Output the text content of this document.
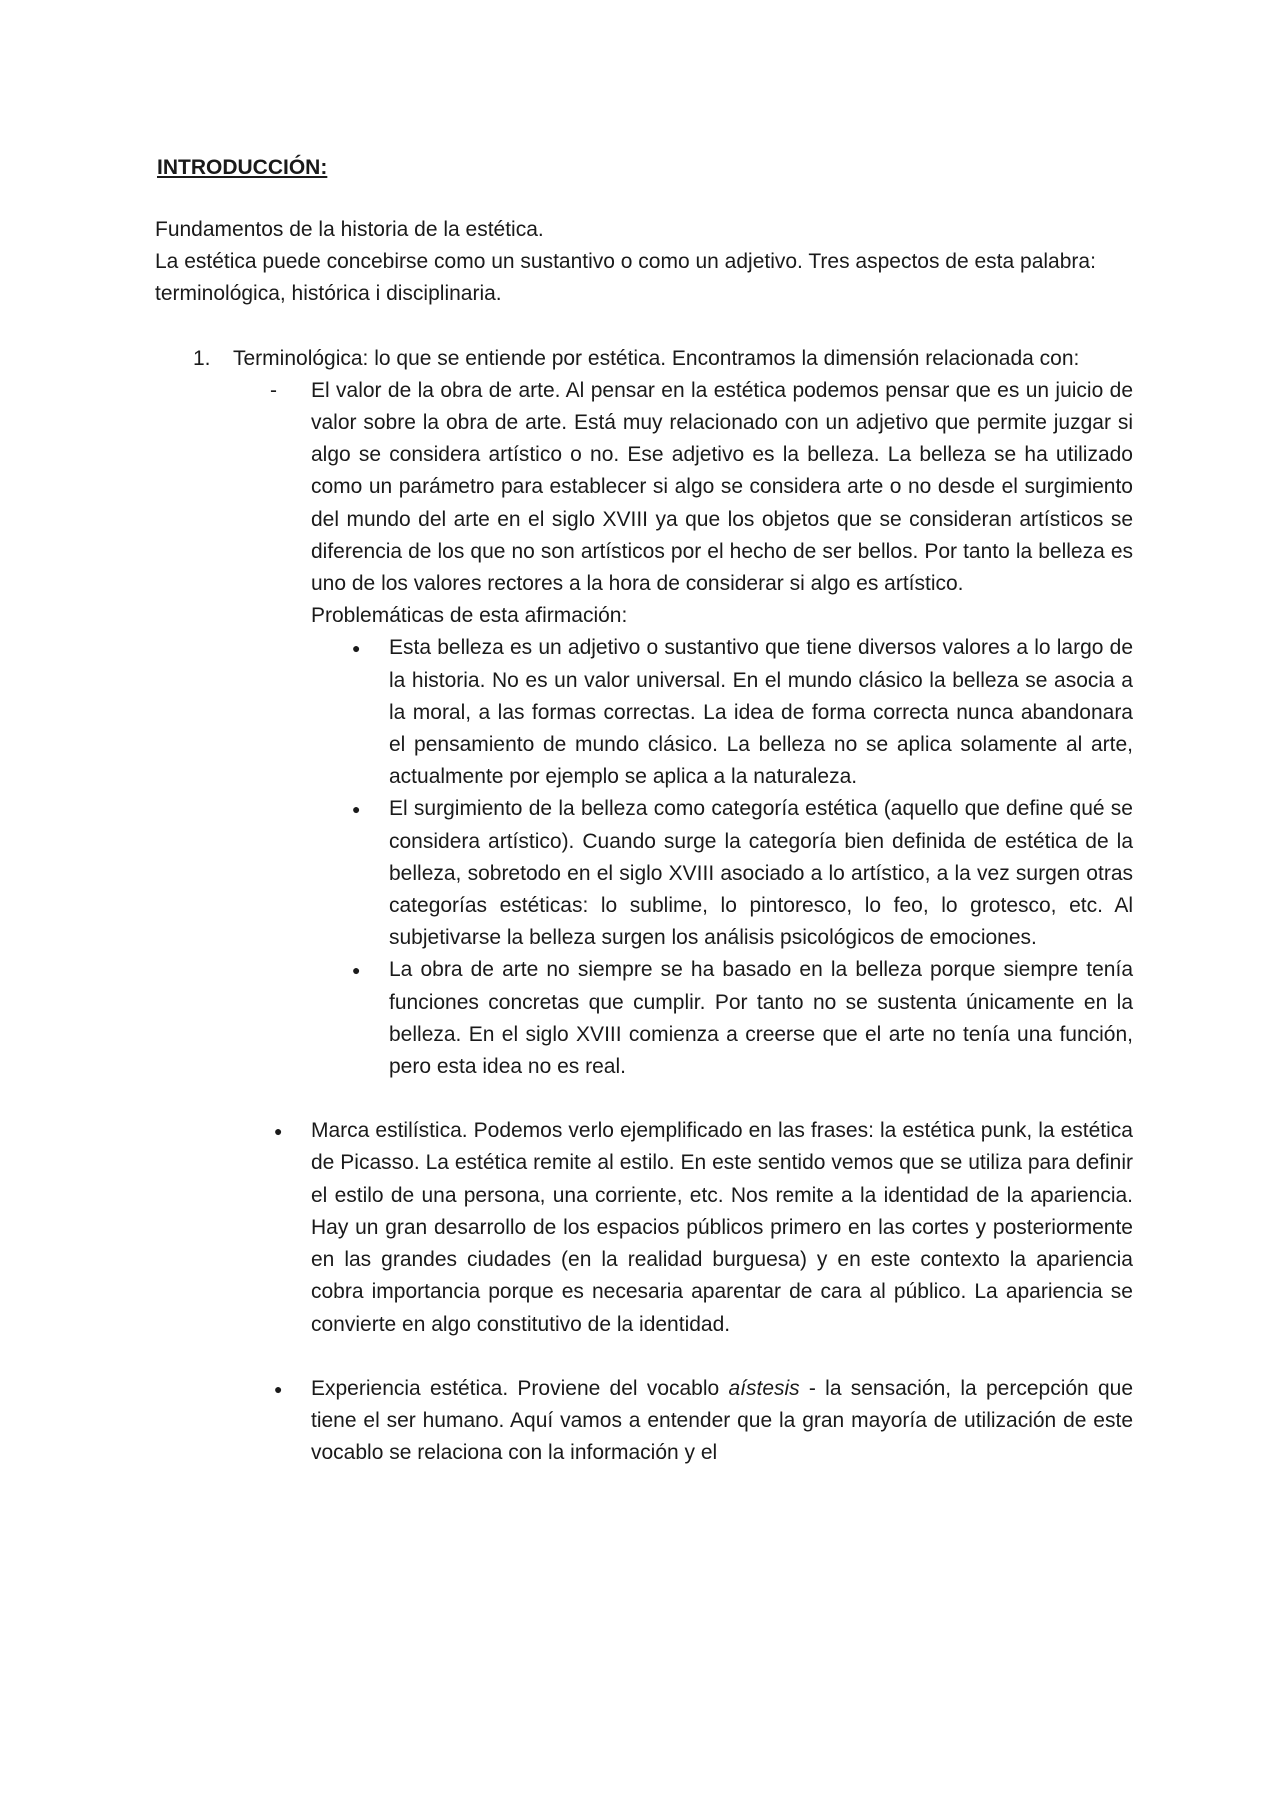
INTRODUCCIÓN:

Fundamentos de la historia de la estética.

La estética puede concebirse como un sustantivo o como un adjetivo. Tres aspectos de esta palabra: terminológica, histórica i disciplinaria.

1. Terminológica: lo que se entiende por estética. Encontramos la dimensión relacionada con:
- El valor de la obra de arte. Al pensar en la estética podemos pensar que es un juicio de valor sobre la obra de arte. Está muy relacionado con un adjetivo que permite juzgar si algo se considera artístico o no. Ese adjetivo es la belleza. La belleza se ha utilizado como un parámetro para establecer si algo se considera arte o no desde el surgimiento del mundo del arte en el siglo XVIII ya que los objetos que se consideran artísticos se diferencia de los que no son artísticos por el hecho de ser bellos. Por tanto la belleza es uno de los valores rectores a la hora de considerar si algo es artístico.

Problemáticas de esta afirmación:

● Esta belleza es un adjetivo o sustantivo que tiene diversos valores a lo largo de la historia. No es un valor universal. En el mundo clásico la belleza se asocia a la moral, a las formas correctas. La idea de forma correcta nunca abandonara el pensamiento de mundo clásico. La belleza no se aplica solamente al arte, actualmente por ejemplo se aplica a la naturaleza.
● El surgimiento de la belleza como categoría estética (aquello que define qué se considera artístico). Cuando surge la categoría bien definida de estética de la belleza, sobretodo en el siglo XVIII asociado a lo artístico, a la vez surgen otras categorías estéticas: lo sublime, lo pintoresco, lo feo, lo grotesco, etc. Al subjetivarse la belleza surgen los análisis psicológicos de emociones.
● La obra de arte no siempre se ha basado en la belleza porque siempre tenía funciones concretas que cumplir. Por tanto no se sustenta únicamente en la belleza. En el siglo XVIII comienza a creerse que el arte no tenía una función, pero esta idea no es real.
● Marca estilística. Podemos verlo ejemplificado en las frases: la estética punk, la estética de Picasso. La estética remite al estilo. En este sentido vemos que se utiliza para definir el estilo de una persona, una corriente, etc. Nos remite a la identidad de la apariencia. Hay un gran desarrollo de los espacios públicos primero en las cortes y posteriormente en las grandes ciudades (en la realidad burguesa) y en este contexto la apariencia cobra importancia porque es necesaria aparentar de cara al público. La apariencia se convierte en algo constitutivo de la identidad.
● Experiencia estética. Proviene del vocablo aístesis - la sensación, la percepción que tiene el ser humano. Aquí vamos a entender que la gran mayoría de utilización de este vocablo se relaciona con la información y el
